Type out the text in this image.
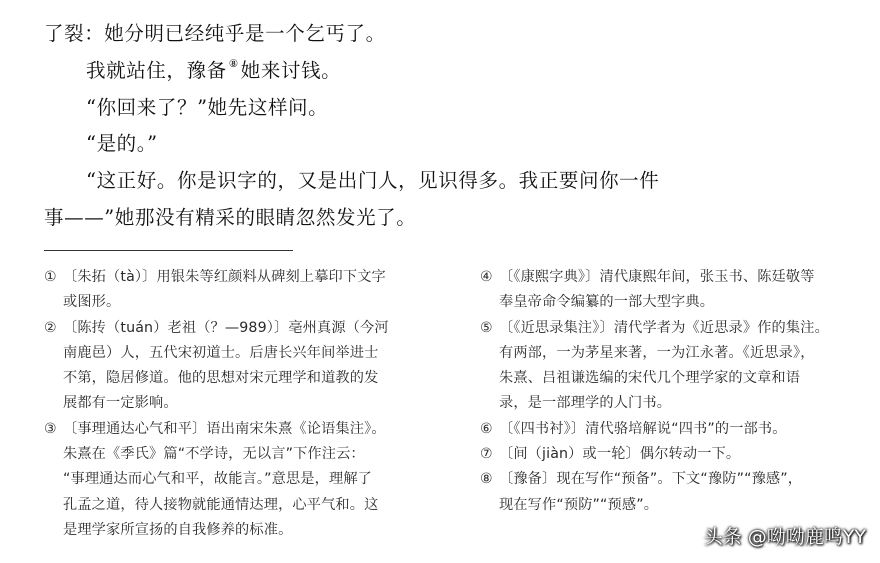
了裂：她分明已经纯乎是一个乞丐了。
我就站住，豫备 ⑧ 她来讨钱。
“你回来了？”她先这样问。
“是的。”
“这正好。你是识字的，又是出门人，见识得多。我正要问你一件
事——”她那没有精采的眼睛忽然发光了。
① 〔朱拓（tà）〕用银朱等红颜料从碑刻上摹印下文字
或图形。
② 〔陈抟（tuán）老祖（？—989）〕亳州真源（今河
南鹿邑）人，五代宋初道士。后唐长兴年间举进士
不第，隐居修道。他的思想对宋元理学和道教的发
展都有一定影响。
③ 〔事理通达心气和平〕语出南宋朱熹《论语集注》。
朱熹在《季氏》篇“不学诗，无以言”下作注云：
“事理通达而心气和平，故能言。”意思是，理解了
孔孟之道，待人接物就能通情达理，心平气和。这
是理学家所宣扬的自我修养的标准。
④ 〔《康熙字典》〕清代康熙年间，张玉书、陈廷敬等
奉皇帝命令编纂的一部大型字典。
⑤ 〔《近思录集注》〕清代学者为《近思录》作的集注。
有两部，一为茅星来著，一为江永著。《近思录》，
朱熹、吕祖谦选编的宋代几个理学家的文章和语
录，是一部理学的人门书。
⑥ 〔《四书衬》〕清代骆培解说“四书”的一部书。
⑦ 〔间（jiàn）或一轮〕偶尔转动一下。
⑧ 〔豫备〕现在写作“预备”。下文“豫防”“豫感”，
现在写作“预防”“预感”。
头条 @呦呦鹿鸣YY
